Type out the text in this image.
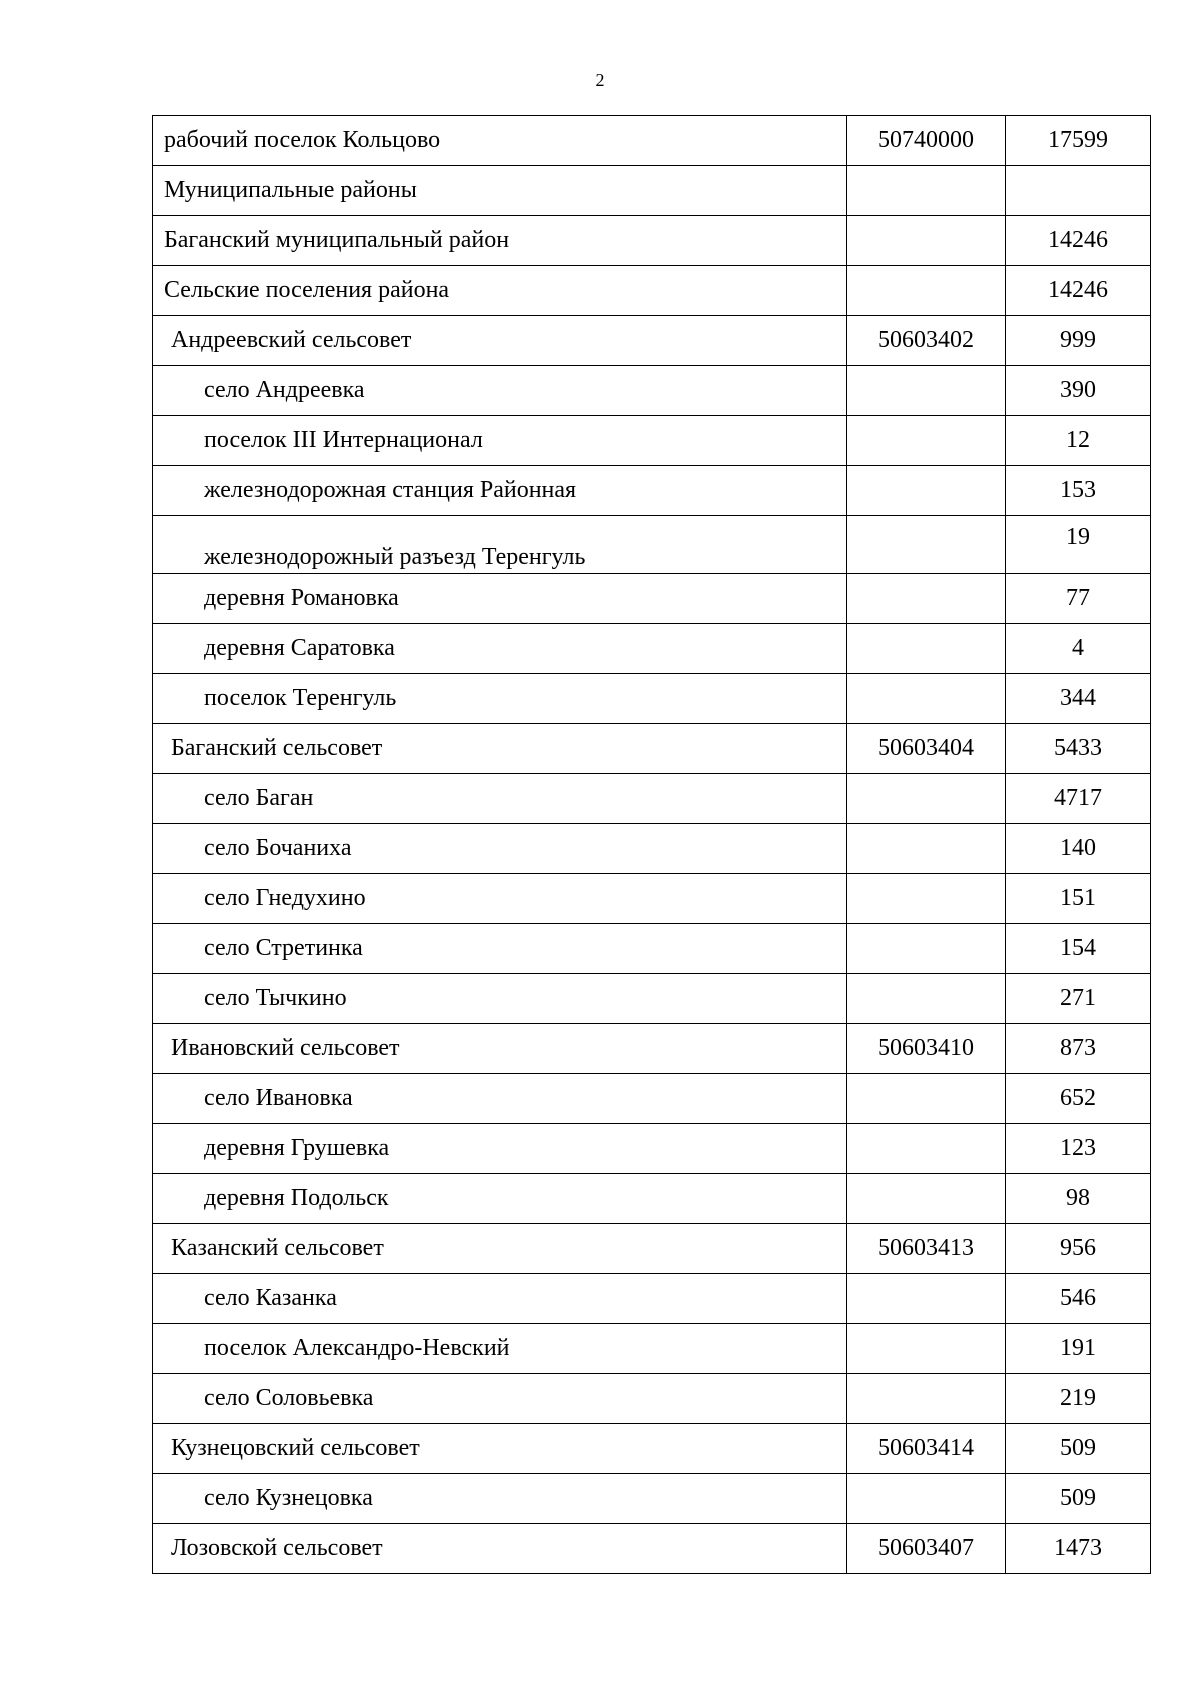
2
рабочий поселок Кольцово	50740000	17599
Муниципальные районы		
Баганский муниципальный район		14246
Сельские поселения района		14246
Андреевский сельсовет	50603402	999
село Андреевка		390
поселок III Интернационал		12
железнодорожная станция Районная		153
железнодорожный разъезд Теренгуль		19
деревня Романовка		77
деревня Саратовка		4
поселок Теренгуль		344
Баганский сельсовет	50603404	5433
село Баган		4717
село Бочаниха		140
село Гнедухино		151
село Стретинка		154
село Тычкино		271
Ивановский сельсовет	50603410	873
село Ивановка		652
деревня Грушевка		123
деревня Подольск		98
Казанский сельсовет	50603413	956
село Казанка		546
поселок Александро-Невский		191
село Соловьевка		219
Кузнецовский сельсовет	50603414	509
село Кузнецовка		509
Лозовской сельсовет	50603407	1473
